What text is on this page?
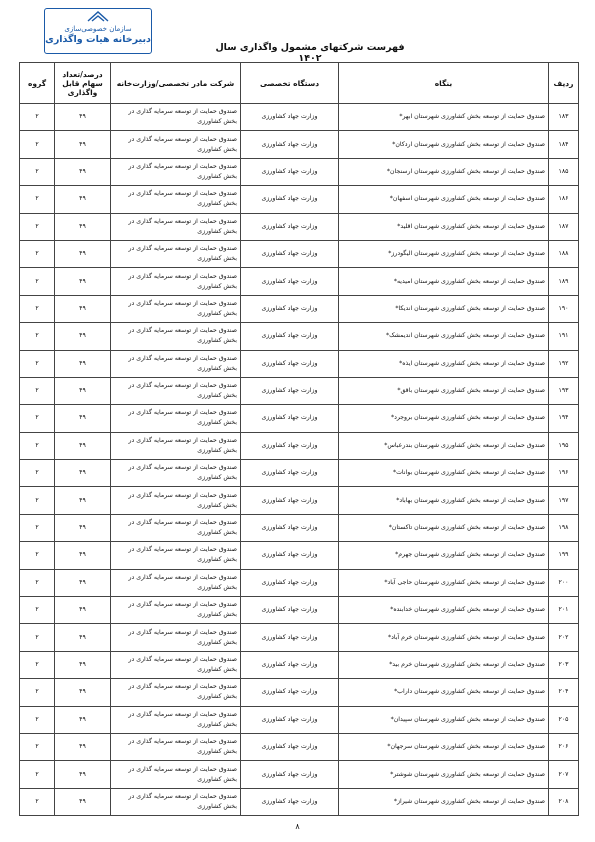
سازمان خصوصی‌سازی
دبیرخانه هیات واگذاری
فهرست شرکتهای مشمول واگذاری سال ۱۴۰۲
ردیف	بنگاه	دستگاه تخصصی	شرکت مادر تخصصی/وزارت‌خانه	درصد/تعداد سهام قابل واگذاری	گروه
۱۸۳	صندوق حمایت از توسعه بخش کشاورزی شهرستان ابهر*	وزارت جهاد کشاورزی	صندوق حمایت از توسعه سرمایه گذاری در بخش کشاورزی	۴۹	۲
۱۸۴	صندوق حمایت از توسعه بخش کشاورزی شهرستان اردکان*	وزارت جهاد کشاورزی	صندوق حمایت از توسعه سرمایه گذاری در بخش کشاورزی	۴۹	۲
۱۸۵	صندوق حمایت از توسعه بخش کشاورزی شهرستان ارسنجان*	وزارت جهاد کشاورزی	صندوق حمایت از توسعه سرمایه گذاری در بخش کشاورزی	۴۹	۲
۱۸۶	صندوق حمایت از توسعه بخش کشاورزی شهرستان اسفهان*	وزارت جهاد کشاورزی	صندوق حمایت از توسعه سرمایه گذاری در بخش کشاورزی	۴۹	۲
۱۸۷	صندوق حمایت از توسعه بخش کشاورزی شهرستان اقلید*	وزارت جهاد کشاورزی	صندوق حمایت از توسعه سرمایه گذاری در بخش کشاورزی	۴۹	۲
۱۸۸	صندوق حمایت از توسعه بخش کشاورزی شهرستان الیگودرز*	وزارت جهاد کشاورزی	صندوق حمایت از توسعه سرمایه گذاری در بخش کشاورزی	۴۹	۲
۱۸۹	صندوق حمایت از توسعه بخش کشاورزی شهرستان امیدیه*	وزارت جهاد کشاورزی	صندوق حمایت از توسعه سرمایه گذاری در بخش کشاورزی	۴۹	۲
۱۹۰	صندوق حمایت از توسعه بخش کشاورزی شهرستان اندیکا*	وزارت جهاد کشاورزی	صندوق حمایت از توسعه سرمایه گذاری در بخش کشاورزی	۴۹	۲
۱۹۱	صندوق حمایت از توسعه بخش کشاورزی شهرستان اندیمشک*	وزارت جهاد کشاورزی	صندوق حمایت از توسعه سرمایه گذاری در بخش کشاورزی	۴۹	۲
۱۹۲	صندوق حمایت از توسعه بخش کشاورزی شهرستان ایذه*	وزارت جهاد کشاورزی	صندوق حمایت از توسعه سرمایه گذاری در بخش کشاورزی	۴۹	۲
۱۹۳	صندوق حمایت از توسعه بخش کشاورزی شهرستان باقق*	وزارت جهاد کشاورزی	صندوق حمایت از توسعه سرمایه گذاری در بخش کشاورزی	۴۹	۲
۱۹۴	صندوق حمایت از توسعه بخش کشاورزی شهرستان بروجرد*	وزارت جهاد کشاورزی	صندوق حمایت از توسعه سرمایه گذاری در بخش کشاورزی	۴۹	۲
۱۹۵	صندوق حمایت از توسعه بخش کشاورزی شهرستان بندرعباس*	وزارت جهاد کشاورزی	صندوق حمایت از توسعه سرمایه گذاری در بخش کشاورزی	۴۹	۲
۱۹۶	صندوق حمایت از توسعه بخش کشاورزی شهرستان بوانات*	وزارت جهاد کشاورزی	صندوق حمایت از توسعه سرمایه گذاری در بخش کشاورزی	۴۹	۲
۱۹۷	صندوق حمایت از توسعه بخش کشاورزی شهرستان بهاباد*	وزارت جهاد کشاورزی	صندوق حمایت از توسعه سرمایه گذاری در بخش کشاورزی	۴۹	۲
۱۹۸	صندوق حمایت از توسعه بخش کشاورزی شهرستان تاکستان*	وزارت جهاد کشاورزی	صندوق حمایت از توسعه سرمایه گذاری در بخش کشاورزی	۴۹	۲
۱۹۹	صندوق حمایت از توسعه بخش کشاورزی شهرستان جهرم*	وزارت جهاد کشاورزی	صندوق حمایت از توسعه سرمایه گذاری در بخش کشاورزی	۴۹	۲
۲۰۰	صندوق حمایت از توسعه بخش کشاورزی شهرستان حاجی آباد*	وزارت جهاد کشاورزی	صندوق حمایت از توسعه سرمایه گذاری در بخش کشاورزی	۴۹	۲
۲۰۱	صندوق حمایت از توسعه بخش کشاورزی شهرستان خدابنده*	وزارت جهاد کشاورزی	صندوق حمایت از توسعه سرمایه گذاری در بخش کشاورزی	۴۹	۲
۲۰۲	صندوق حمایت از توسعه بخش کشاورزی شهرستان خرم آباد*	وزارت جهاد کشاورزی	صندوق حمایت از توسعه سرمایه گذاری در بخش کشاورزی	۴۹	۲
۲۰۳	صندوق حمایت از توسعه بخش کشاورزی شهرستان خرم بید*	وزارت جهاد کشاورزی	صندوق حمایت از توسعه سرمایه گذاری در بخش کشاورزی	۴۹	۲
۲۰۴	صندوق حمایت از توسعه بخش کشاورزی شهرستان داراب*	وزارت جهاد کشاورزی	صندوق حمایت از توسعه سرمایه گذاری در بخش کشاورزی	۴۹	۲
۲۰۵	صندوق حمایت از توسعه بخش کشاورزی شهرستان سپیدان*	وزارت جهاد کشاورزی	صندوق حمایت از توسعه سرمایه گذاری در بخش کشاورزی	۴۹	۲
۲۰۶	صندوق حمایت از توسعه بخش کشاورزی شهرستان سرجهان*	وزارت جهاد کشاورزی	صندوق حمایت از توسعه سرمایه گذاری در بخش کشاورزی	۴۹	۲
۲۰۷	صندوق حمایت از توسعه بخش کشاورزی شهرستان شوشتر*	وزارت جهاد کشاورزی	صندوق حمایت از توسعه سرمایه گذاری در بخش کشاورزی	۴۹	۲
۲۰۸	صندوق حمایت از توسعه بخش کشاورزی شهرستان شیراز*	وزارت جهاد کشاورزی	صندوق حمایت از توسعه سرمایه گذاری در بخش کشاورزی	۴۹	۲
۸
